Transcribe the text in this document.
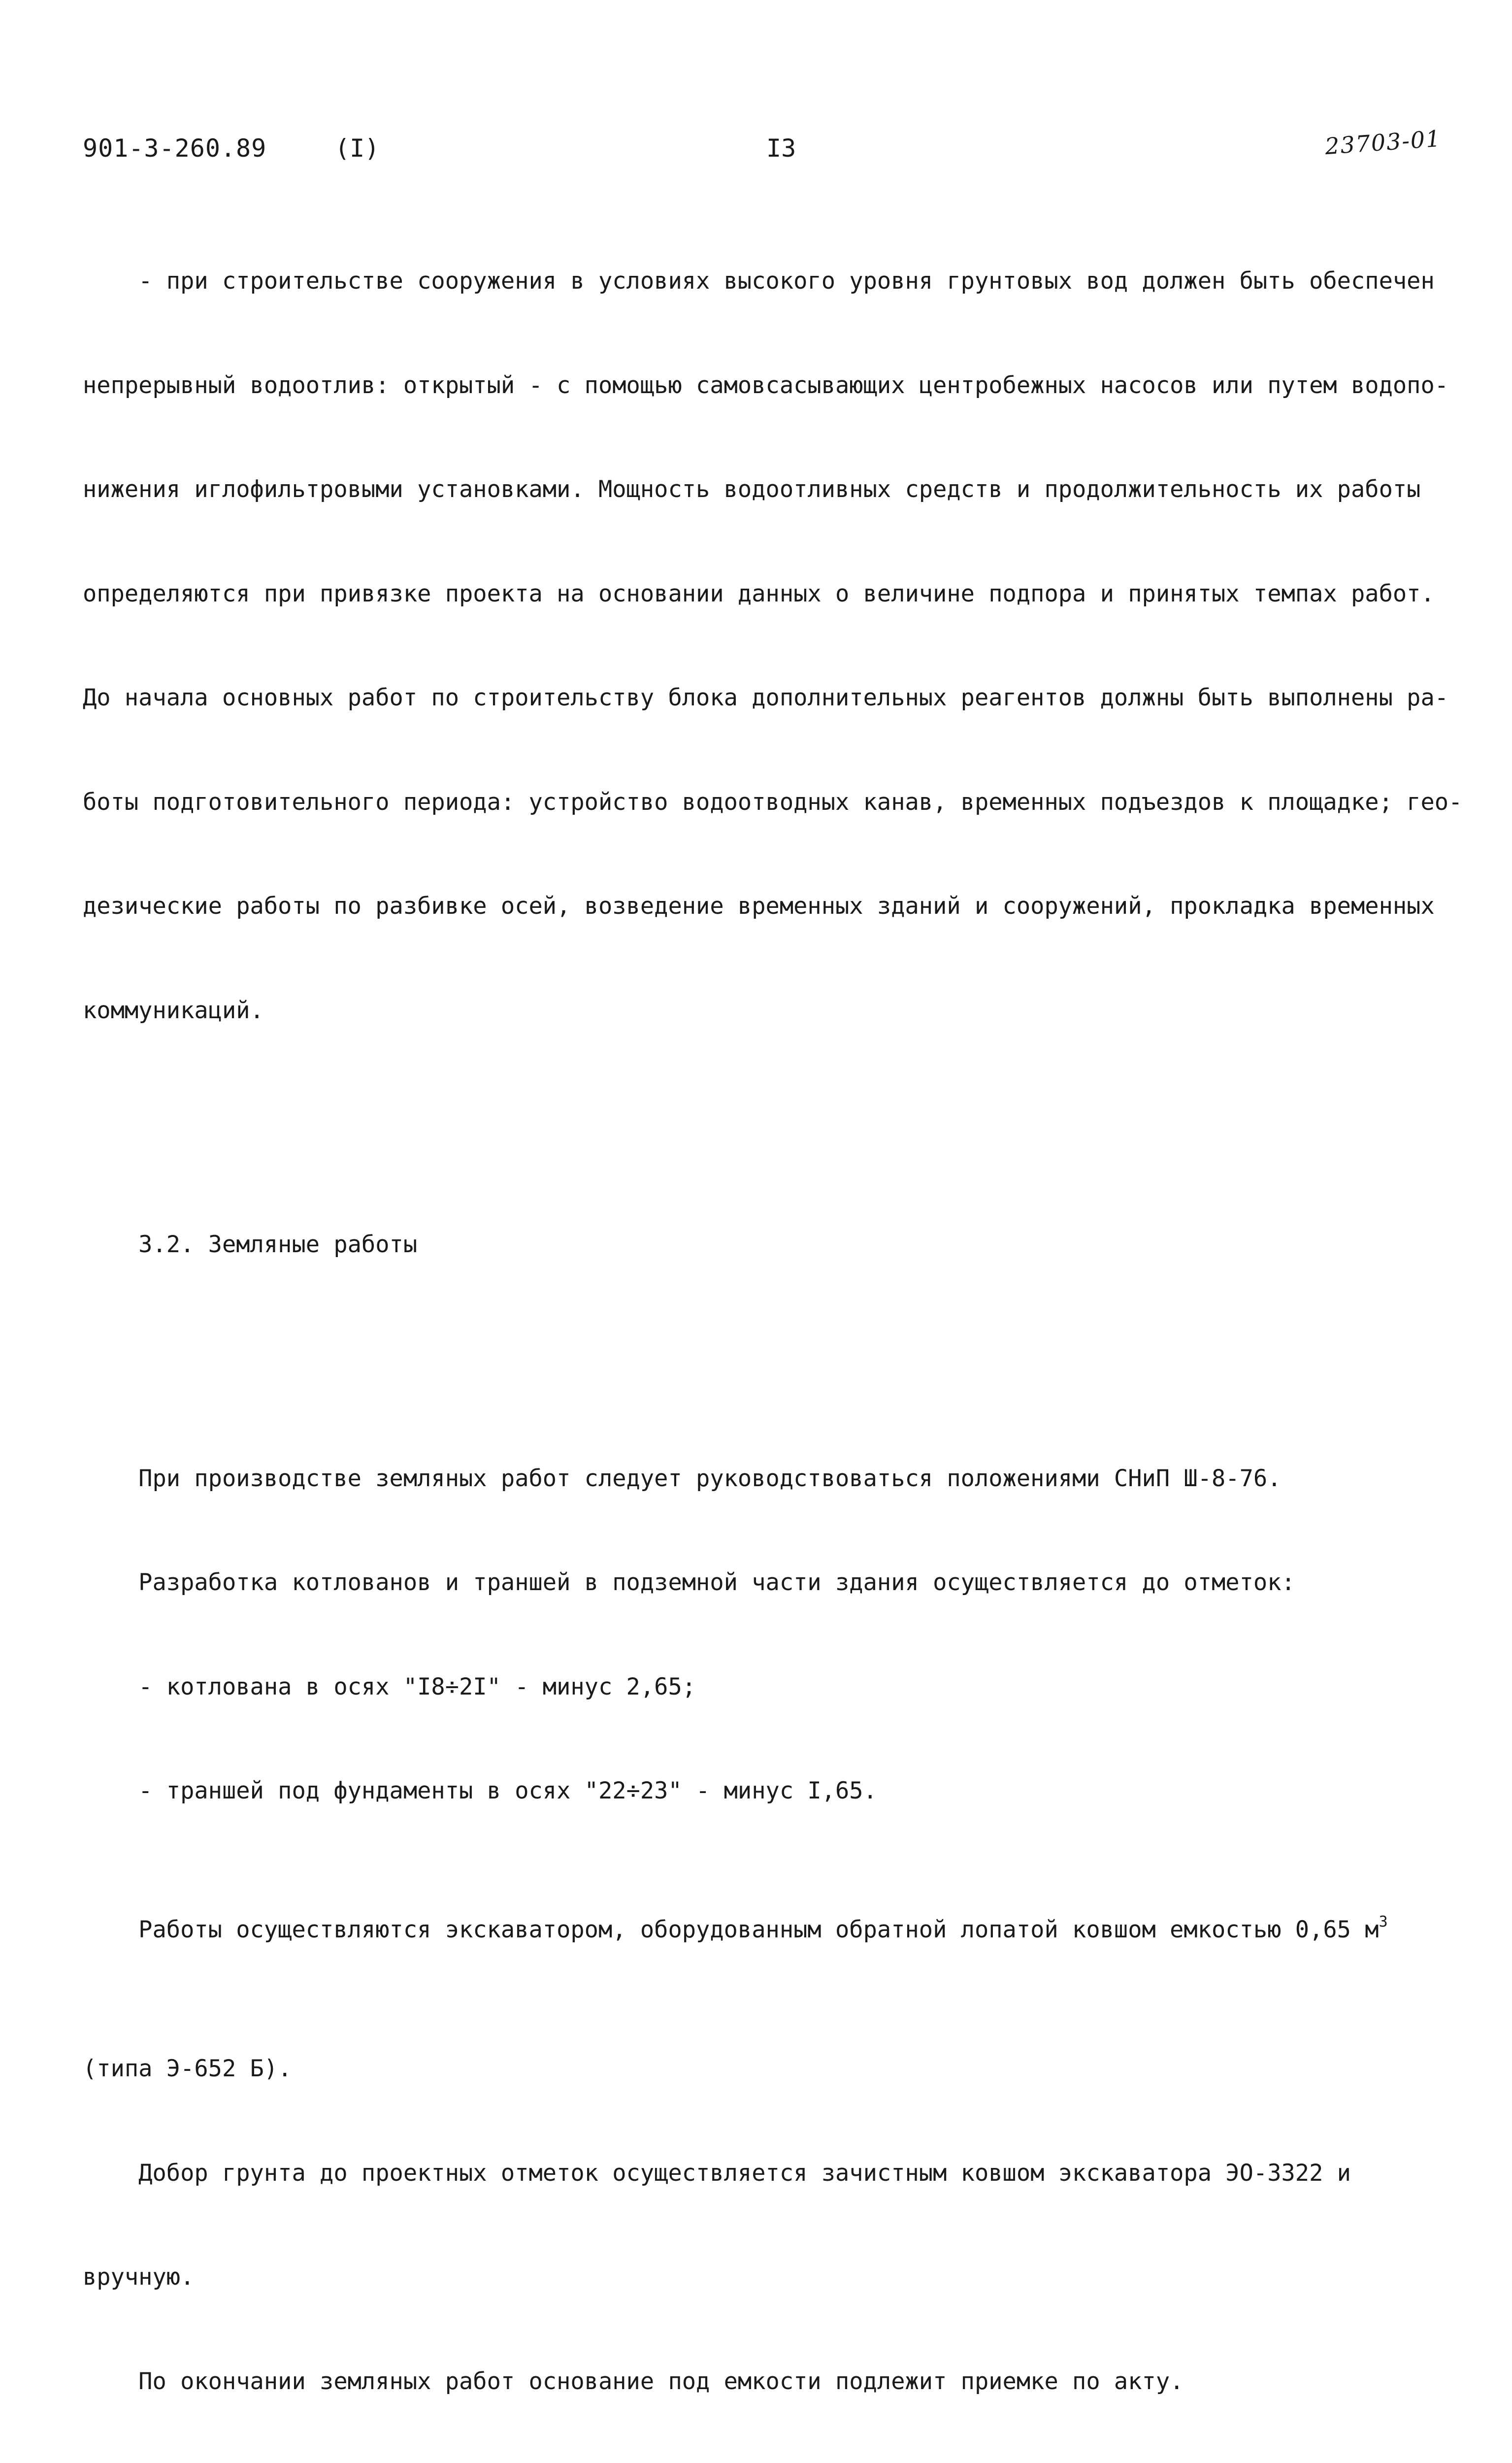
901-3-260.89	(I)	I3	23703-01

- при строительстве сооружения в условиях высокого уровня грунтовых вод должен быть обеспечен

непрерывный водоотлив: открытый - с помощью самовсасывающих центробежных насосов или путем водопо-

нижения иглофильтровыми установками. Мощность водоотливных средств и продолжительность их работы

определяются при привязке проекта на основании данных о величине подпора и принятых темпах работ.

До начала основных работ по строительству блока дополнительных реагентов должны быть выполнены ра-

боты подготовительного периода: устройство водоотводных канав, временных подъездов к площадке; гео-

дезические работы по разбивке осей, возведение временных зданий и сооружений, прокладка временных

коммуникаций.

3.2. Земляные работы

При производстве земляных работ следует руководствоваться положениями СНиП Ш-8-76.

Разработка котлованов и траншей в подземной части здания осуществляется до отметок:

- котлована в осях "I8÷2I" - минус 2,65;

- траншей под фундаменты в осях "22÷23" - минус I,65.

Работы осуществляются экскаватором, оборудованным обратной лопатой ковшом емкостью 0,65 $м^3$

(типа Э-652 Б).

Добор грунта до проектных отметок осуществляется зачистным ковшом экскаватора ЭО-3322 и

вручную.

По окончании земляных работ основание под емкости подлежит приемке по акту.
